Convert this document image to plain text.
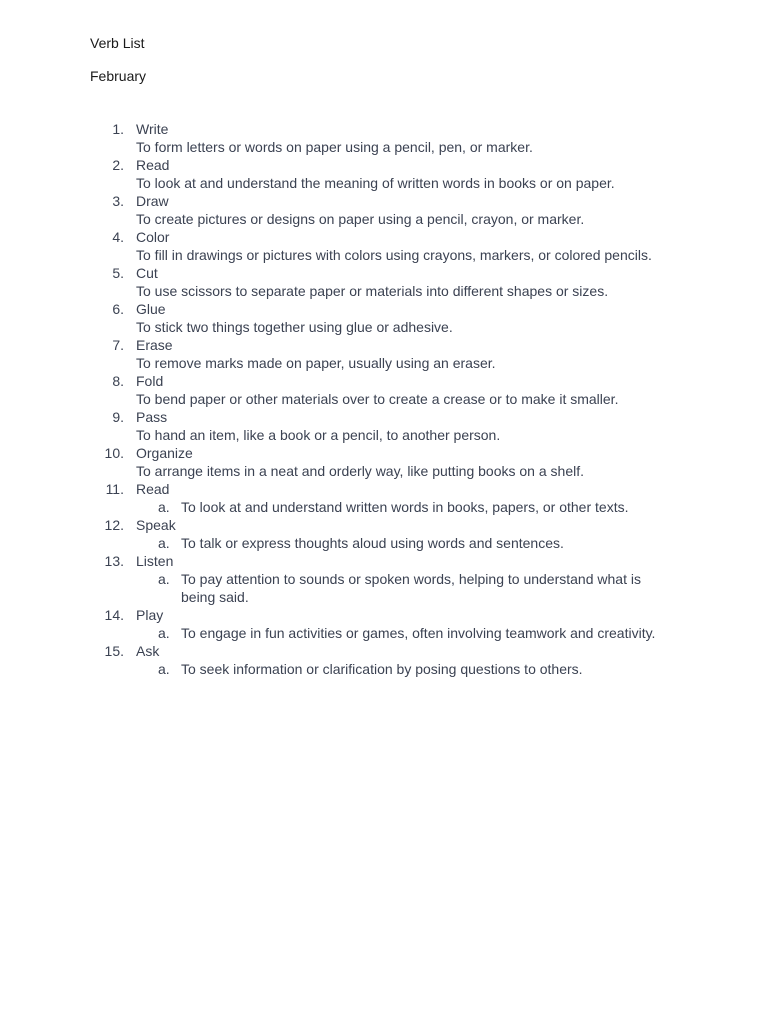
Verb List
February
1. Write
To form letters or words on paper using a pencil, pen, or marker.
2. Read
To look at and understand the meaning of written words in books or on paper.
3. Draw
To create pictures or designs on paper using a pencil, crayon, or marker.
4. Color
To fill in drawings or pictures with colors using crayons, markers, or colored pencils.
5. Cut
To use scissors to separate paper or materials into different shapes or sizes.
6. Glue
To stick two things together using glue or adhesive.
7. Erase
To remove marks made on paper, usually using an eraser.
8. Fold
To bend paper or other materials over to create a crease or to make it smaller.
9. Pass
To hand an item, like a book or a pencil, to another person.
10. Organize
To arrange items in a neat and orderly way, like putting books on a shelf.
11. Read
a. To look at and understand written words in books, papers, or other texts.
12. Speak
a. To talk or express thoughts aloud using words and sentences.
13. Listen
a. To pay attention to sounds or spoken words, helping to understand what is being said.
14. Play
a. To engage in fun activities or games, often involving teamwork and creativity.
15. Ask
a. To seek information or clarification by posing questions to others.
